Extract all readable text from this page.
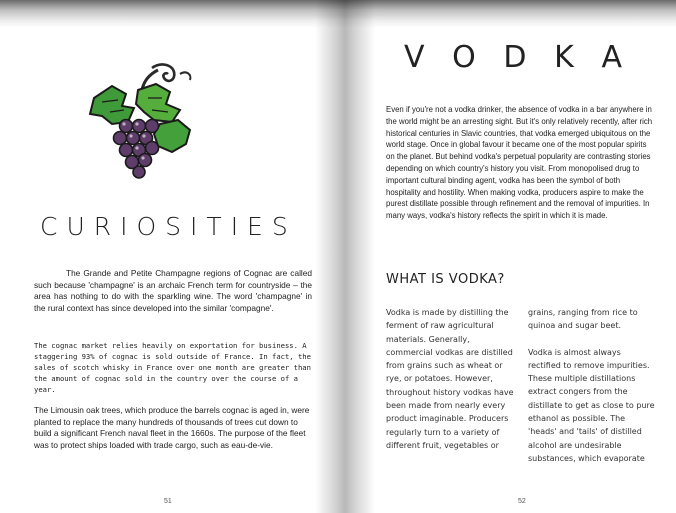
CURIOSITIES
The Grande and Petite Champagne regions of Cognac are called such because 'champagne' is an archaic French term for countryside – the area has nothing to do with the sparkling wine. The word 'champagne' in the rural context has since developed into the similar 'compagne'.
The cognac market relies heavily on exportation for business. A staggering 93% of cognac is sold outside of France. In fact, the sales of scotch whisky in France over one month are greater than the amount of cognac sold in the country over the course of a year.
The Limousin oak trees, which produce the barrels cognac is aged in, were planted to replace the many hundreds of thousands of trees cut down to build a significant French naval fleet in the 1660s. The purpose of the fleet was to protect ships loaded with trade cargo, such as eau-de-vie.
51
V O D K A
Even if you're not a vodka drinker, the absence of vodka in a bar anywhere in the world might be an arresting sight. But it's only relatively recently, after rich historical centuries in Slavic countries, that vodka emerged ubiquitous on the world stage. Once in global favour it became one of the most popular spirits on the planet. But behind vodka's perpetual popularity are contrasting stories depending on which country's history you visit. From monopolised drug to important cultural binding agent, vodka has been the symbol of both hospitality and hostility. When making vodka, producers aspire to make the purest distillate possible through refinement and the removal of impurities. In many ways, vodka's history reflects the spirit in which it is made.
WHAT IS VODKA?
Vodka is made by distilling the ferment of raw agricultural materials. Generally, commercial vodkas are distilled from grains such as wheat or rye, or potatoes. However, throughout history vodkas have been made from nearly every product imaginable. Producers regularly turn to a variety of different fruit, vegetables or
grains, ranging from rice to quinoa and sugar beet.
Vodka is almost always rectified to remove impurities. These multiple distillations extract congers from the distillate to get as close to pure ethanol as possible. The 'heads' and 'tails' of distilled alcohol are undesirable substances, which evaporate
52
